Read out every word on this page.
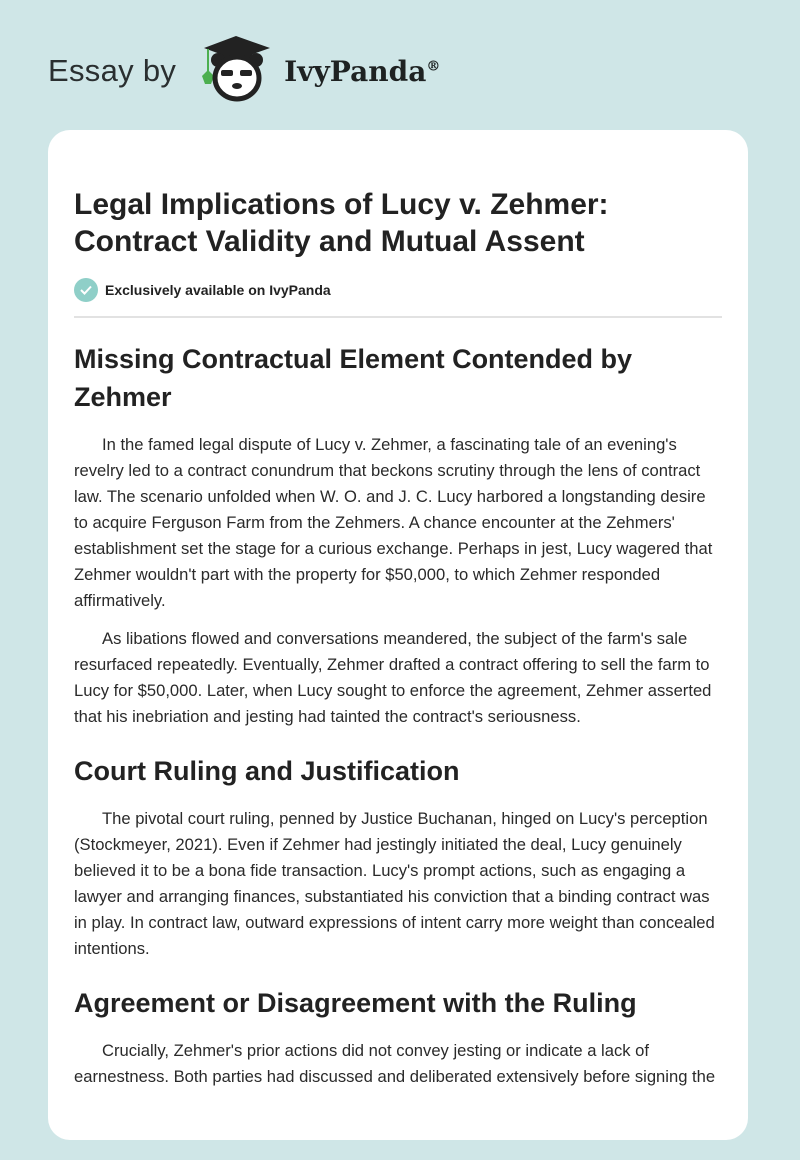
Essay by	IvyPanda®
Legal Implications of Lucy v. Zehmer: Contract Validity and Mutual Assent
Exclusively available on IvyPanda
Missing Contractual Element Contended by Zehmer

In the famed legal dispute of Lucy v. Zehmer, a fascinating tale of an evening's revelry led to a contract conundrum that beckons scrutiny through the lens of contract law. The scenario unfolded when W. O. and J. C. Lucy harbored a longstanding desire to acquire Ferguson Farm from the Zehmers. A chance encounter at the Zehmers' establishment set the stage for a curious exchange. Perhaps in jest, Lucy wagered that Zehmer wouldn't part with the property for $50,000, to which Zehmer responded affirmatively.

As libations flowed and conversations meandered, the subject of the farm's sale resurfaced repeatedly. Eventually, Zehmer drafted a contract offering to sell the farm to Lucy for $50,000. Later, when Lucy sought to enforce the agreement, Zehmer asserted that his inebriation and jesting had tainted the contract's seriousness.

Court Ruling and Justification

The pivotal court ruling, penned by Justice Buchanan, hinged on Lucy's perception (Stockmeyer, 2021). Even if Zehmer had jestingly initiated the deal, Lucy genuinely believed it to be a bona fide transaction. Lucy's prompt actions, such as engaging a lawyer and arranging finances, substantiated his conviction that a binding contract was in play. In contract law, outward expressions of intent carry more weight than concealed intentions.

Agreement or Disagreement with the Ruling

Crucially, Zehmer's prior actions did not convey jesting or indicate a lack of earnestness. Both parties had discussed and deliberated extensively before signing the
